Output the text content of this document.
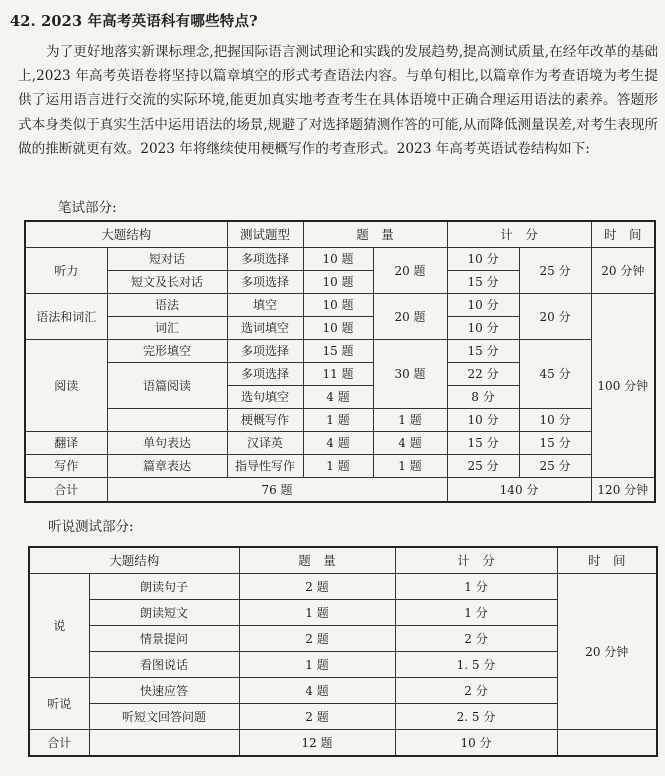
42. 2023 年高考英语科有哪些特点?
为了更好地落实新课标理念,把握国际语言测试理论和实践的发展趋势,提高测试质量,在经年改革的基础上,2023 年高考英语卷将坚持以篇章填空的形式考查语法内容。与单句相比,以篇章作为考查语境为考生提供了运用语言进行交流的实际环境,能更加真实地考查考生在具体语境中正确合理运用语法的素养。答题形式本身类似于真实生活中运用语法的场景,规避了对选择题猜测作答的可能,从而降低测量误差,对考生表现所做的推断就更有效。2023 年将继续使用梗概写作的考查形式。2023 年高考英语试卷结构如下:
笔试部分:
大题结构		测试题型	题　量		计　分		时　间
听力	短对话	多项选择	10 题	20 题	10 分	25 分	20 分钟
	短文及长对话	多项选择	10 题		15 分		
语法和词汇	语法	填空	10 题	20 题	10 分	20 分	100 分钟
	词汇	选词填空	10 题		10 分		
阅读	完形填空	多项选择	15 题	30 题	15 分	45 分	
	语篇阅读	多项选择	11 题		22 分		
		选句填空	4 题		8 分		
		梗概写作	1 题	1 题	10 分	10 分	
翻译	单句表达	汉译英	4 题	4 题	15 分	15 分	
写作	篇章表达	指导性写作	1 题	1 题	25 分	25 分	
合计	76 题				140 分		120 分钟
听说测试部分:
大题结构		题　量	计　分	时　间
说	朗读句子	2 题	1 分	20 分钟
	朗读短文	1 题	1 分	
	情景提问	2 题	2 分	
	看图说话	1 题	1. 5 分	
听说	快速应答	4 题	2 分	
	听短文回答问题	2 题	2. 5 分	
合计		12 题	10 分	
